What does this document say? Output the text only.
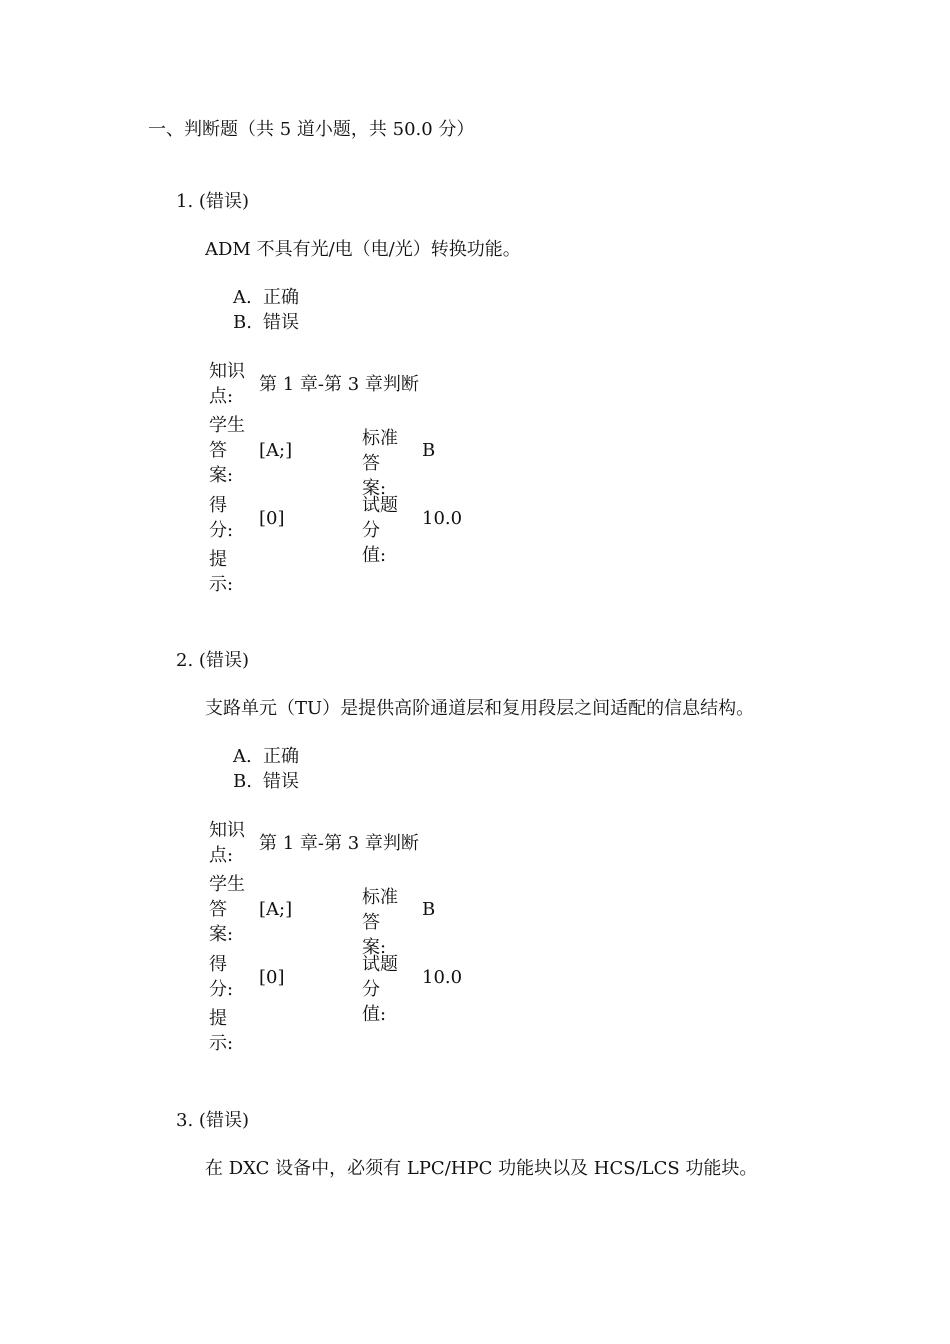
一、判断题（共 5 道小题，共 50.0 分）
1. (错误)
ADM 不具有光/电（电/光）转换功能。
A. 正确
B. 错误
知识点:
第 1 章-第 3 章判断
学生答案:
[A;]
标准答案:
B
得分:
[0]
试题分值:
10.0
提示:
2. (错误)
支路单元（TU）是提供高阶通道层和复用段层之间适配的信息结构。
A. 正确
B. 错误
知识点:
第 1 章-第 3 章判断
学生答案:
[A;]
标准答案:
B
得分:
[0]
试题分值:
10.0
提示:
3. (错误)
在 DXC 设备中，必须有 LPC/HPC 功能块以及 HCS/LCS 功能块。
